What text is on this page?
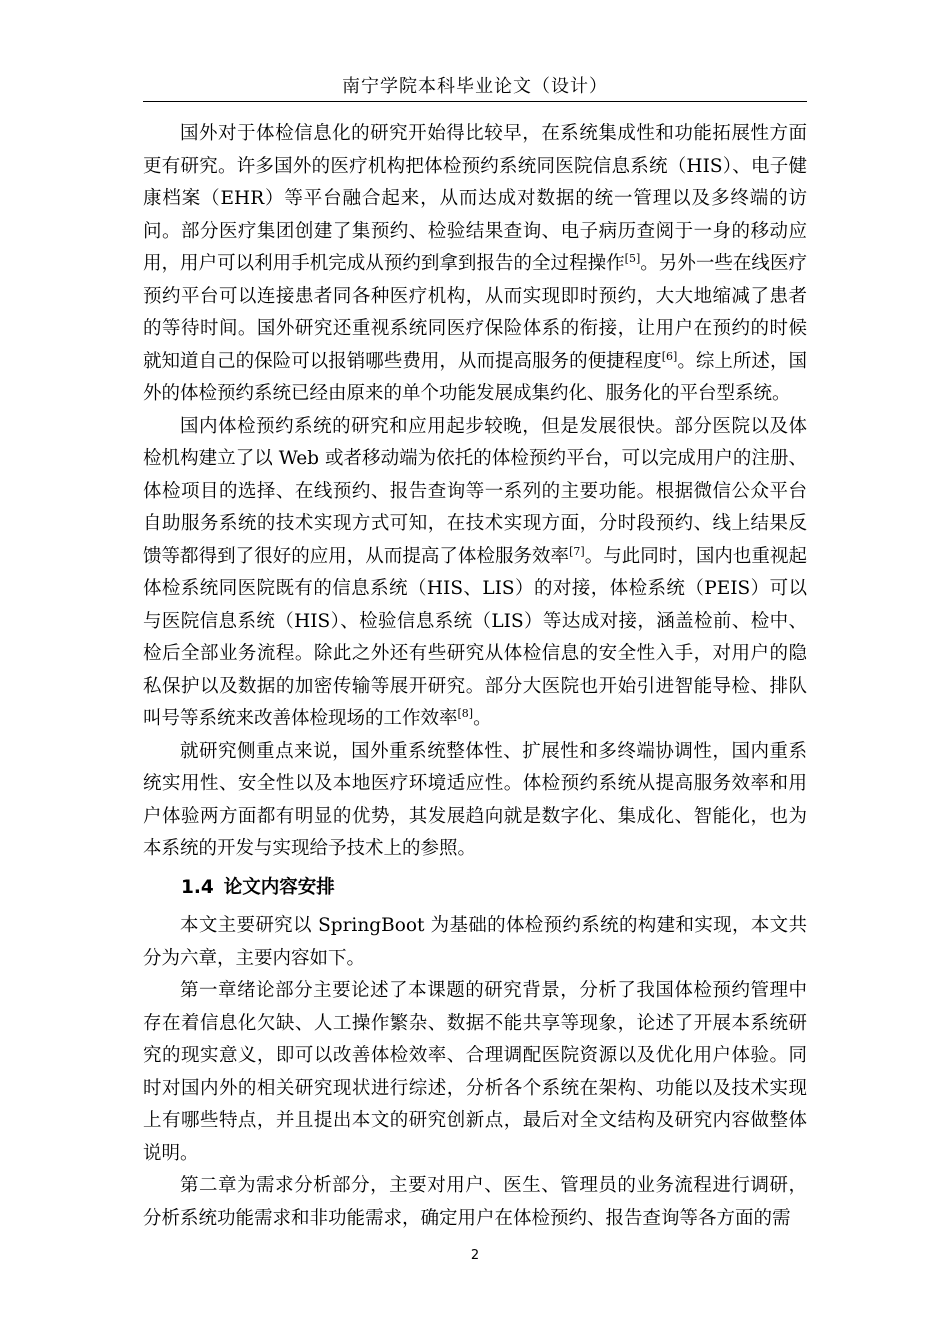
南宁学院本科毕业论文（设计）

国外对于体检信息化的研究开始得比较早，在系统集成性和功能拓展性方面更有研究。许多国外的医疗机构把体检预约系统同医院信息系统（HIS）、电子健康档案（EHR）等平台融合起来，从而达成对数据的统一管理以及多终端的访问。部分医疗集团创建了集预约、检验结果查询、电子病历查阅于一身的移动应用，用户可以利用手机完成从预约到拿到报告的全过程操作[5]。另外一些在线医疗预约平台可以连接患者同各种医疗机构，从而实现即时预约，大大地缩减了患者的等待时间。国外研究还重视系统同医疗保险体系的衔接，让用户在预约的时候就知道自己的保险可以报销哪些费用，从而提高服务的便捷程度[6]。综上所述，国外的体检预约系统已经由原来的单个功能发展成集约化、服务化的平台型系统。

国内体检预约系统的研究和应用起步较晚，但是发展很快。部分医院以及体检机构建立了以 Web 或者移动端为依托的体检预约平台，可以完成用户的注册、体检项目的选择、在线预约、报告查询等一系列的主要功能。根据微信公众平台自助服务系统的技术实现方式可知，在技术实现方面，分时段预约、线上结果反馈等都得到了很好的应用，从而提高了体检服务效率[7]。与此同时，国内也重视起体检系统同医院既有的信息系统（HIS、LIS）的对接，体检系统（PEIS）可以与医院信息系统（HIS）、检验信息系统（LIS）等达成对接，涵盖检前、检中、检后全部业务流程。除此之外还有些研究从体检信息的安全性入手，对用户的隐私保护以及数据的加密传输等展开研究。部分大医院也开始引进智能导检、排队叫号等系统来改善体检现场的工作效率[8]。

就研究侧重点来说，国外重系统整体性、扩展性和多终端协调性，国内重系统实用性、安全性以及本地医疗环境适应性。体检预约系统从提高服务效率和用户体验两方面都有明显的优势，其发展趋向就是数字化、集成化、智能化，也为本系统的开发与实现给予技术上的参照。

1.4 论文内容安排

本文主要研究以 SpringBoot 为基础的体检预约系统的构建和实现，本文共分为六章，主要内容如下。

第一章绪论部分主要论述了本课题的研究背景，分析了我国体检预约管理中存在着信息化欠缺、人工操作繁杂、数据不能共享等现象，论述了开展本系统研究的现实意义，即可以改善体检效率、合理调配医院资源以及优化用户体验。同时对国内外的相关研究现状进行综述，分析各个系统在架构、功能以及技术实现上有哪些特点，并且提出本文的研究创新点，最后对全文结构及研究内容做整体说明。

第二章为需求分析部分，主要对用户、医生、管理员的业务流程进行调研，分析系统功能需求和非功能需求，确定用户在体检预约、报告查询等各方面的需

2
